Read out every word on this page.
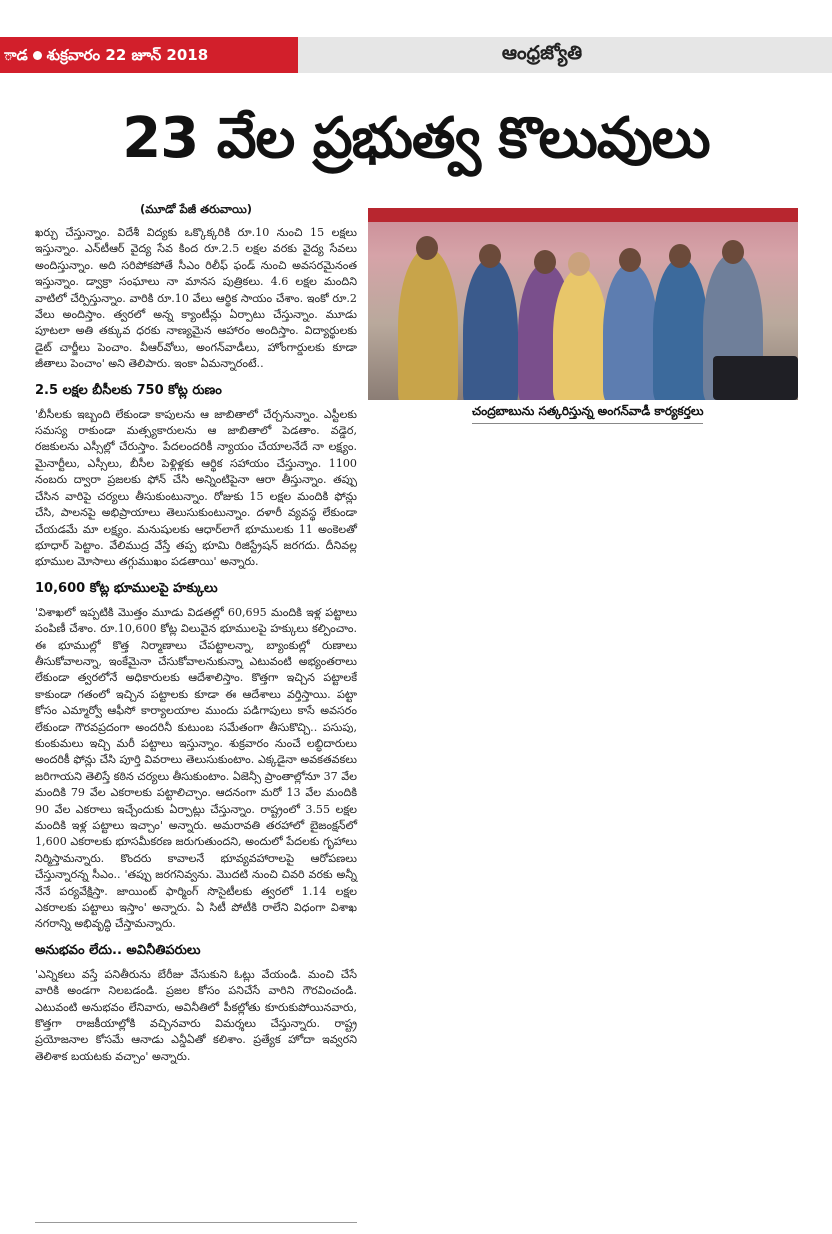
ాడ శుక్రవారం 22 జూన్ 2018	ఆంధ్రజ్యోతి
23 వేల ప్రభుత్వ కొలువులు
(మూడో పేజీ తరువాయి)

ఖర్చు చేస్తున్నాం. విదేశీ విద్యకు ఒక్కొక్కరికి రూ.10 నుంచి 15 లక్షలు ఇస్తున్నాం. ఎన్‌టీఆర్ వైద్య సేవ కింద రూ.2.5 లక్షల వరకు వైద్య సేవలు అందిస్తున్నాం. అది సరిపోకపోతే సీఎం రిలీఫ్ ఫండ్ నుంచి అవసరమైనంత ఇస్తున్నాం. డ్వాక్రా సంఘాలు నా మానస పుత్రికలు. 4.6 లక్షల మందిని వాటిలో చేర్పిస్తున్నాం. వారికి రూ.10 వేలు ఆర్థిక సాయం చేశాం. ఇంకో రూ.2 వేలు అందిస్తాం. త్వరలో అన్న క్యాంటీన్లు ఏర్పాటు చేస్తున్నాం. మూడు పూటలా అతి తక్కువ ధరకు నాణ్యమైన ఆహారం అందిస్తాం. విద్యార్థులకు డైట్ చార్జీలు పెంచాం. వీఆర్‌వోలు, అంగన్‌వాడీలు, హోంగార్డులకు కూడా జీతాలు పెంచాం' అని తెలిపారు. ఇంకా ఏమన్నారంటే..

2.5 లక్షల బీసీలకు 750 కోట్ల రుణం

'బీసీలకు ఇబ్బంది లేకుండా కాపులను ఆ జాబితాలో చేర్చనున్నాం. ఎస్టీలకు సమస్య రాకుండా మత్స్యకారులను ఆ జాబితాలో పెడతాం. వడ్డెర, రజకులను ఎస్సీల్లో చేరుస్తాం. పేదలందరికీ న్యాయం చేయాలనేదే నా లక్ష్యం. మైనార్టీలు, ఎస్సీలు, బీసీల పెళ్లిళ్లకు ఆర్థిక సహాయం చేస్తున్నాం. 1100 నంబరు ద్వారా ప్రజలకు ఫోన్ చేసి అన్నింటిపైనా ఆరా తీస్తున్నాం. తప్పు చేసిన వారిపై చర్యలు తీసుకుంటున్నాం. రోజుకు 15 లక్షల మందికి ఫోన్లు చేసి, పాలనపై అభిప్రాయాలు తెలుసుకుంటున్నాం. దళారీ వ్యవస్థ లేకుండా చేయడమే మా లక్ష్యం. మనుషులకు ఆధార్‌లాగే భూములకు 11 అంకెలతో భూధార్ పెట్టాం. వేలిముద్ర వేస్తే తప్ప భూమి రిజిస్ట్రేషన్ జరగదు. దీనివల్ల భూముల మోసాలు తగ్గుముఖం పడతాయి' అన్నారు.

10,600 కోట్ల భూములపై హక్కులు

'విశాఖలో ఇప్పటికి మొత్తం మూడు విడతల్లో 60,695 మందికి ఇళ్ల పట్టాలు పంపిణీ చేశాం. రూ.10,600 కోట్ల విలువైన భూములపై హక్కులు కల్పించాం. ఈ భూముల్లో కొత్త నిర్మాణాలు చేపట్టాలన్నా, బ్యాంకుల్లో రుణాలు తీసుకోవాలన్నా, ఇంకేమైనా చేసుకోవాలనుకున్నా ఎటువంటి అభ్యంతరాలు లేకుండా త్వరలోనే అధికారులకు ఆదేశాలిస్తాం. కొత్తగా ఇచ్చిన పట్టాలకే కాకుండా గతంలో ఇచ్చిన పట్టాలకు కూడా ఈ ఆదేశాలు వర్తిస్తాయి. పట్టా కోసం ఎమ్మార్వో ఆఫీసో కార్యాలయాల ముందు పడిగాపులు కాసే అవసరం లేకుండా గౌరవప్రదంగా అందరినీ కుటుంబ సమేతంగా తీసుకొచ్చి.. పసుపు, కుంకుమలు ఇచ్చి మరీ పట్టాలు ఇస్తున్నాం. శుక్రవారం నుంచే లబ్ధిదారులు అందరికీ ఫోన్లు చేసి పూర్తి వివరాలు తెలుసుకుంటాం. ఎక్కడైనా అవకతవకలు జరిగాయని తెలిస్తే కఠిన చర్యలు తీసుకుంటాం. ఏజెన్సీ ప్రాంతాల్లోనూ 37 వేల మందికి 79 వేల ఎకరాలకు పట్టాలిచ్చాం. ఆదనంగా మరో 13 వేల మందికి 90 వేల ఎకరాలు ఇచ్చేందుకు ఏర్పాట్లు చేస్తున్నాం. రాష్ట్రంలో 3.55 లక్షల మందికి ఇళ్ల పట్టాలు ఇచ్చాం' అన్నారు. అమరావతి తరహాలో బైజంక్షన్‌లో 1,600 ఎకరాలకు భూసమీకరణ జరుగుతుందని, అందులో పేదలకు గృహాలు నిర్మిస్తామన్నారు. కొందరు కావాలనే భూవ్యవహారాలపై ఆరోపణలు చేస్తున్నారన్న సీఎం.. 'తప్పు జరగనివ్వను. మొదటి నుంచి చివరి వరకు అన్నీ నేనే పర్యవేక్షిస్తా. జాయింట్ ఫార్మింగ్ సొసైటీలకు త్వరలో 1.14 లక్షల ఎకరాలకు పట్టాలు ఇస్తాం' అన్నారు. ఏ సిటీ పోటీకి రాలేని విధంగా విశాఖ నగరాన్ని అభివృద్ధి చేస్తామన్నారు.

అనుభవం లేదు.. అవినీతిపరులు

'ఎన్నికలు వస్తే పనితీరును బేరీజు వేసుకుని ఓట్లు వేయండి. మంచి చేసే వారికి అండగా నిలబడండి. ప్రజల కోసం పనిచేసే వారిని గౌరవించండి. ఎటువంటి అనుభవం లేనివారు, అవినీతిలో పీకల్లోతు కూరుకుపోయినవారు, కొత్తగా రాజకీయాల్లోకి వచ్చినవారు విమర్శలు చేస్తున్నారు. రాష్ట్ర ప్రయోజనాల కోసమే ఆనాడు ఎన్డీఏతో కలిశాం. ప్రత్యేక హోదా ఇవ్వరని తెలిశాక బయటకు వచ్చాం' అన్నారు.

చంద్రబాబును సత్కరిస్తున్న అంగన్‌వాడీ కార్యకర్తలు
